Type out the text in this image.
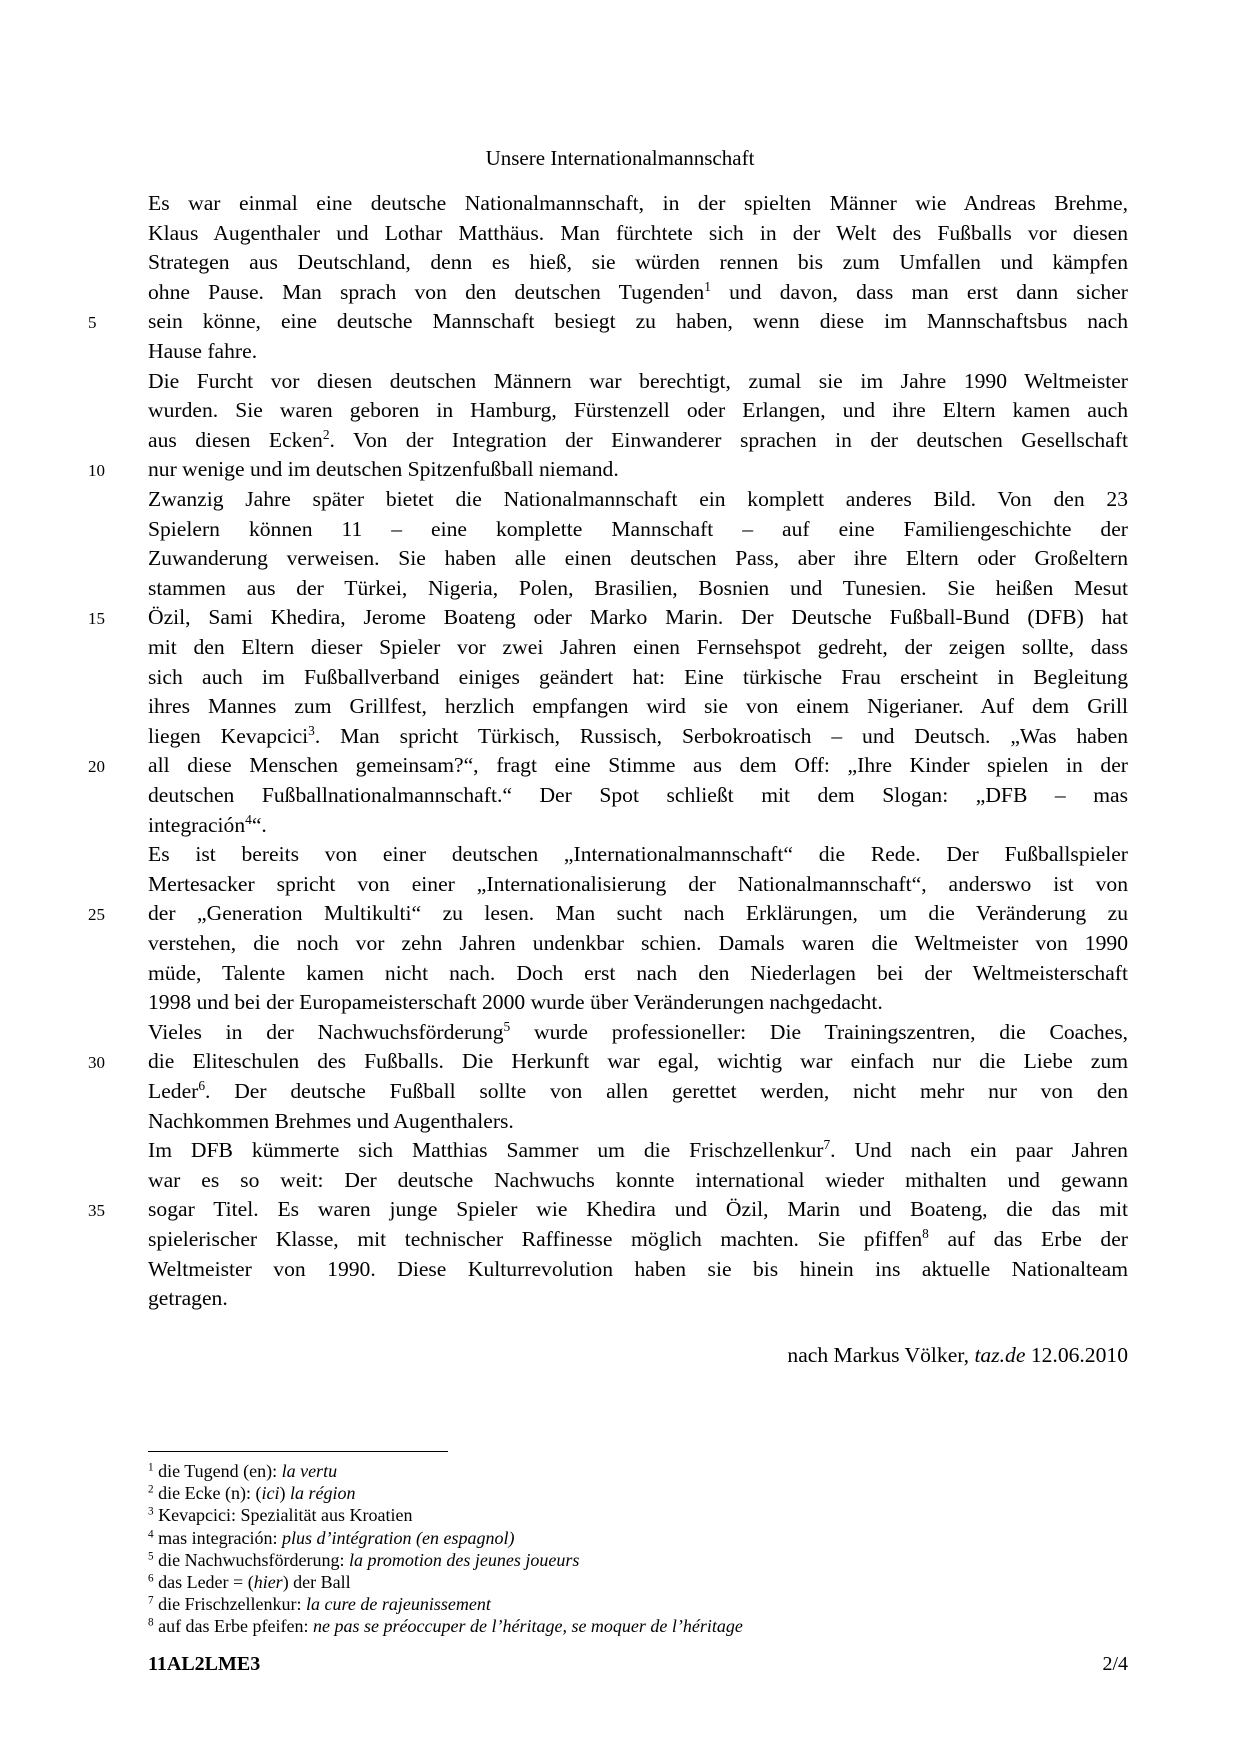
Unsere Internationalmannschaft
Es war einmal eine deutsche Nationalmannschaft, in der spielten Männer wie Andreas Brehme,
Klaus Augenthaler und Lothar Matthäus. Man fürchtete sich in der Welt des Fußballs vor diesen
Strategen aus Deutschland, denn es hieß, sie würden rennen bis zum Umfallen und kämpfen
ohne Pause. Man sprach von den deutschen Tugenden$^1$ und davon, dass man erst dann sicher
sein könne, eine deutsche Mannschaft besiegt zu haben, wenn diese im Mannschaftsbus nach
Hause fahre.
Die Furcht vor diesen deutschen Männern war berechtigt, zumal sie im Jahre 1990 Weltmeister
wurden. Sie waren geboren in Hamburg, Fürstenzell oder Erlangen, und ihre Eltern kamen auch
aus diesen Ecken$^2$. Von der Integration der Einwanderer sprachen in der deutschen Gesellschaft
nur wenige und im deutschen Spitzenfußball niemand.
Zwanzig Jahre später bietet die Nationalmannschaft ein komplett anderes Bild. Von den 23
Spielern können 11 – eine komplette Mannschaft – auf eine Familiengeschichte der
Zuwanderung verweisen. Sie haben alle einen deutschen Pass, aber ihre Eltern oder Großeltern
stammen aus der Türkei, Nigeria, Polen, Brasilien, Bosnien und Tunesien. Sie heißen Mesut
Özil, Sami Khedira, Jerome Boateng oder Marko Marin. Der Deutsche Fußball-Bund (DFB) hat
mit den Eltern dieser Spieler vor zwei Jahren einen Fernsehspot gedreht, der zeigen sollte, dass
sich auch im Fußballverband einiges geändert hat: Eine türkische Frau erscheint in Begleitung
ihres Mannes zum Grillfest, herzlich empfangen wird sie von einem Nigerianer. Auf dem Grill
liegen Kevapcici$^3$. Man spricht Türkisch, Russisch, Serbokroatisch – und Deutsch. „Was haben
all diese Menschen gemeinsam?“, fragt eine Stimme aus dem Off: „Ihre Kinder spielen in der
deutschen Fußballnationalmannschaft.“ Der Spot schließt mit dem Slogan: „DFB – mas
integración$^4$“.
Es ist bereits von einer deutschen „Internationalmannschaft“ die Rede. Der Fußballspieler
Mertesacker spricht von einer „Internationalisierung der Nationalmannschaft“, anderswo ist von
der „Generation Multikulti“ zu lesen. Man sucht nach Erklärungen, um die Veränderung zu
verstehen, die noch vor zehn Jahren undenkbar schien. Damals waren die Weltmeister von 1990
müde, Talente kamen nicht nach. Doch erst nach den Niederlagen bei der Weltmeisterschaft
1998 und bei der Europameisterschaft 2000 wurde über Veränderungen nachgedacht.
Vieles in der Nachwuchsförderung$^5$ wurde professioneller: Die Trainingszentren, die Coaches,
die Eliteschulen des Fußballs. Die Herkunft war egal, wichtig war einfach nur die Liebe zum
Leder$^6$. Der deutsche Fußball sollte von allen gerettet werden, nicht mehr nur von den
Nachkommen Brehmes und Augenthalers.
Im DFB kümmerte sich Matthias Sammer um die Frischzellenkur$^7$. Und nach ein paar Jahren
war es so weit: Der deutsche Nachwuchs konnte international wieder mithalten und gewann
sogar Titel. Es waren junge Spieler wie Khedira und Özil, Marin und Boateng, die das mit
spielerischer Klasse, mit technischer Raffinesse möglich machten. Sie pfiffen$^8$ auf das Erbe der
Weltmeister von 1990. Diese Kulturrevolution haben sie bis hinein ins aktuelle Nationalteam
getragen.
5
10
15
20
25
30
35
nach Markus Völker, taz.de 12.06.2010
$^1$ die Tugend (en): la vertu
$^2$ die Ecke (n): (ici) la région
$^3$ Kevapcici: Spezialität aus Kroatien
$^4$ mas integración: plus d’intégration (en espagnol)
$^5$ die Nachwuchsförderung: la promotion des jeunes joueurs
$^6$ das Leder = (hier) der Ball
$^7$ die Frischzellenkur: la cure de rajeunissement
$^8$ auf das Erbe pfeifen: ne pas se préoccuper de l’héritage, se moquer de l’héritage
11AL2LME3	2/4
